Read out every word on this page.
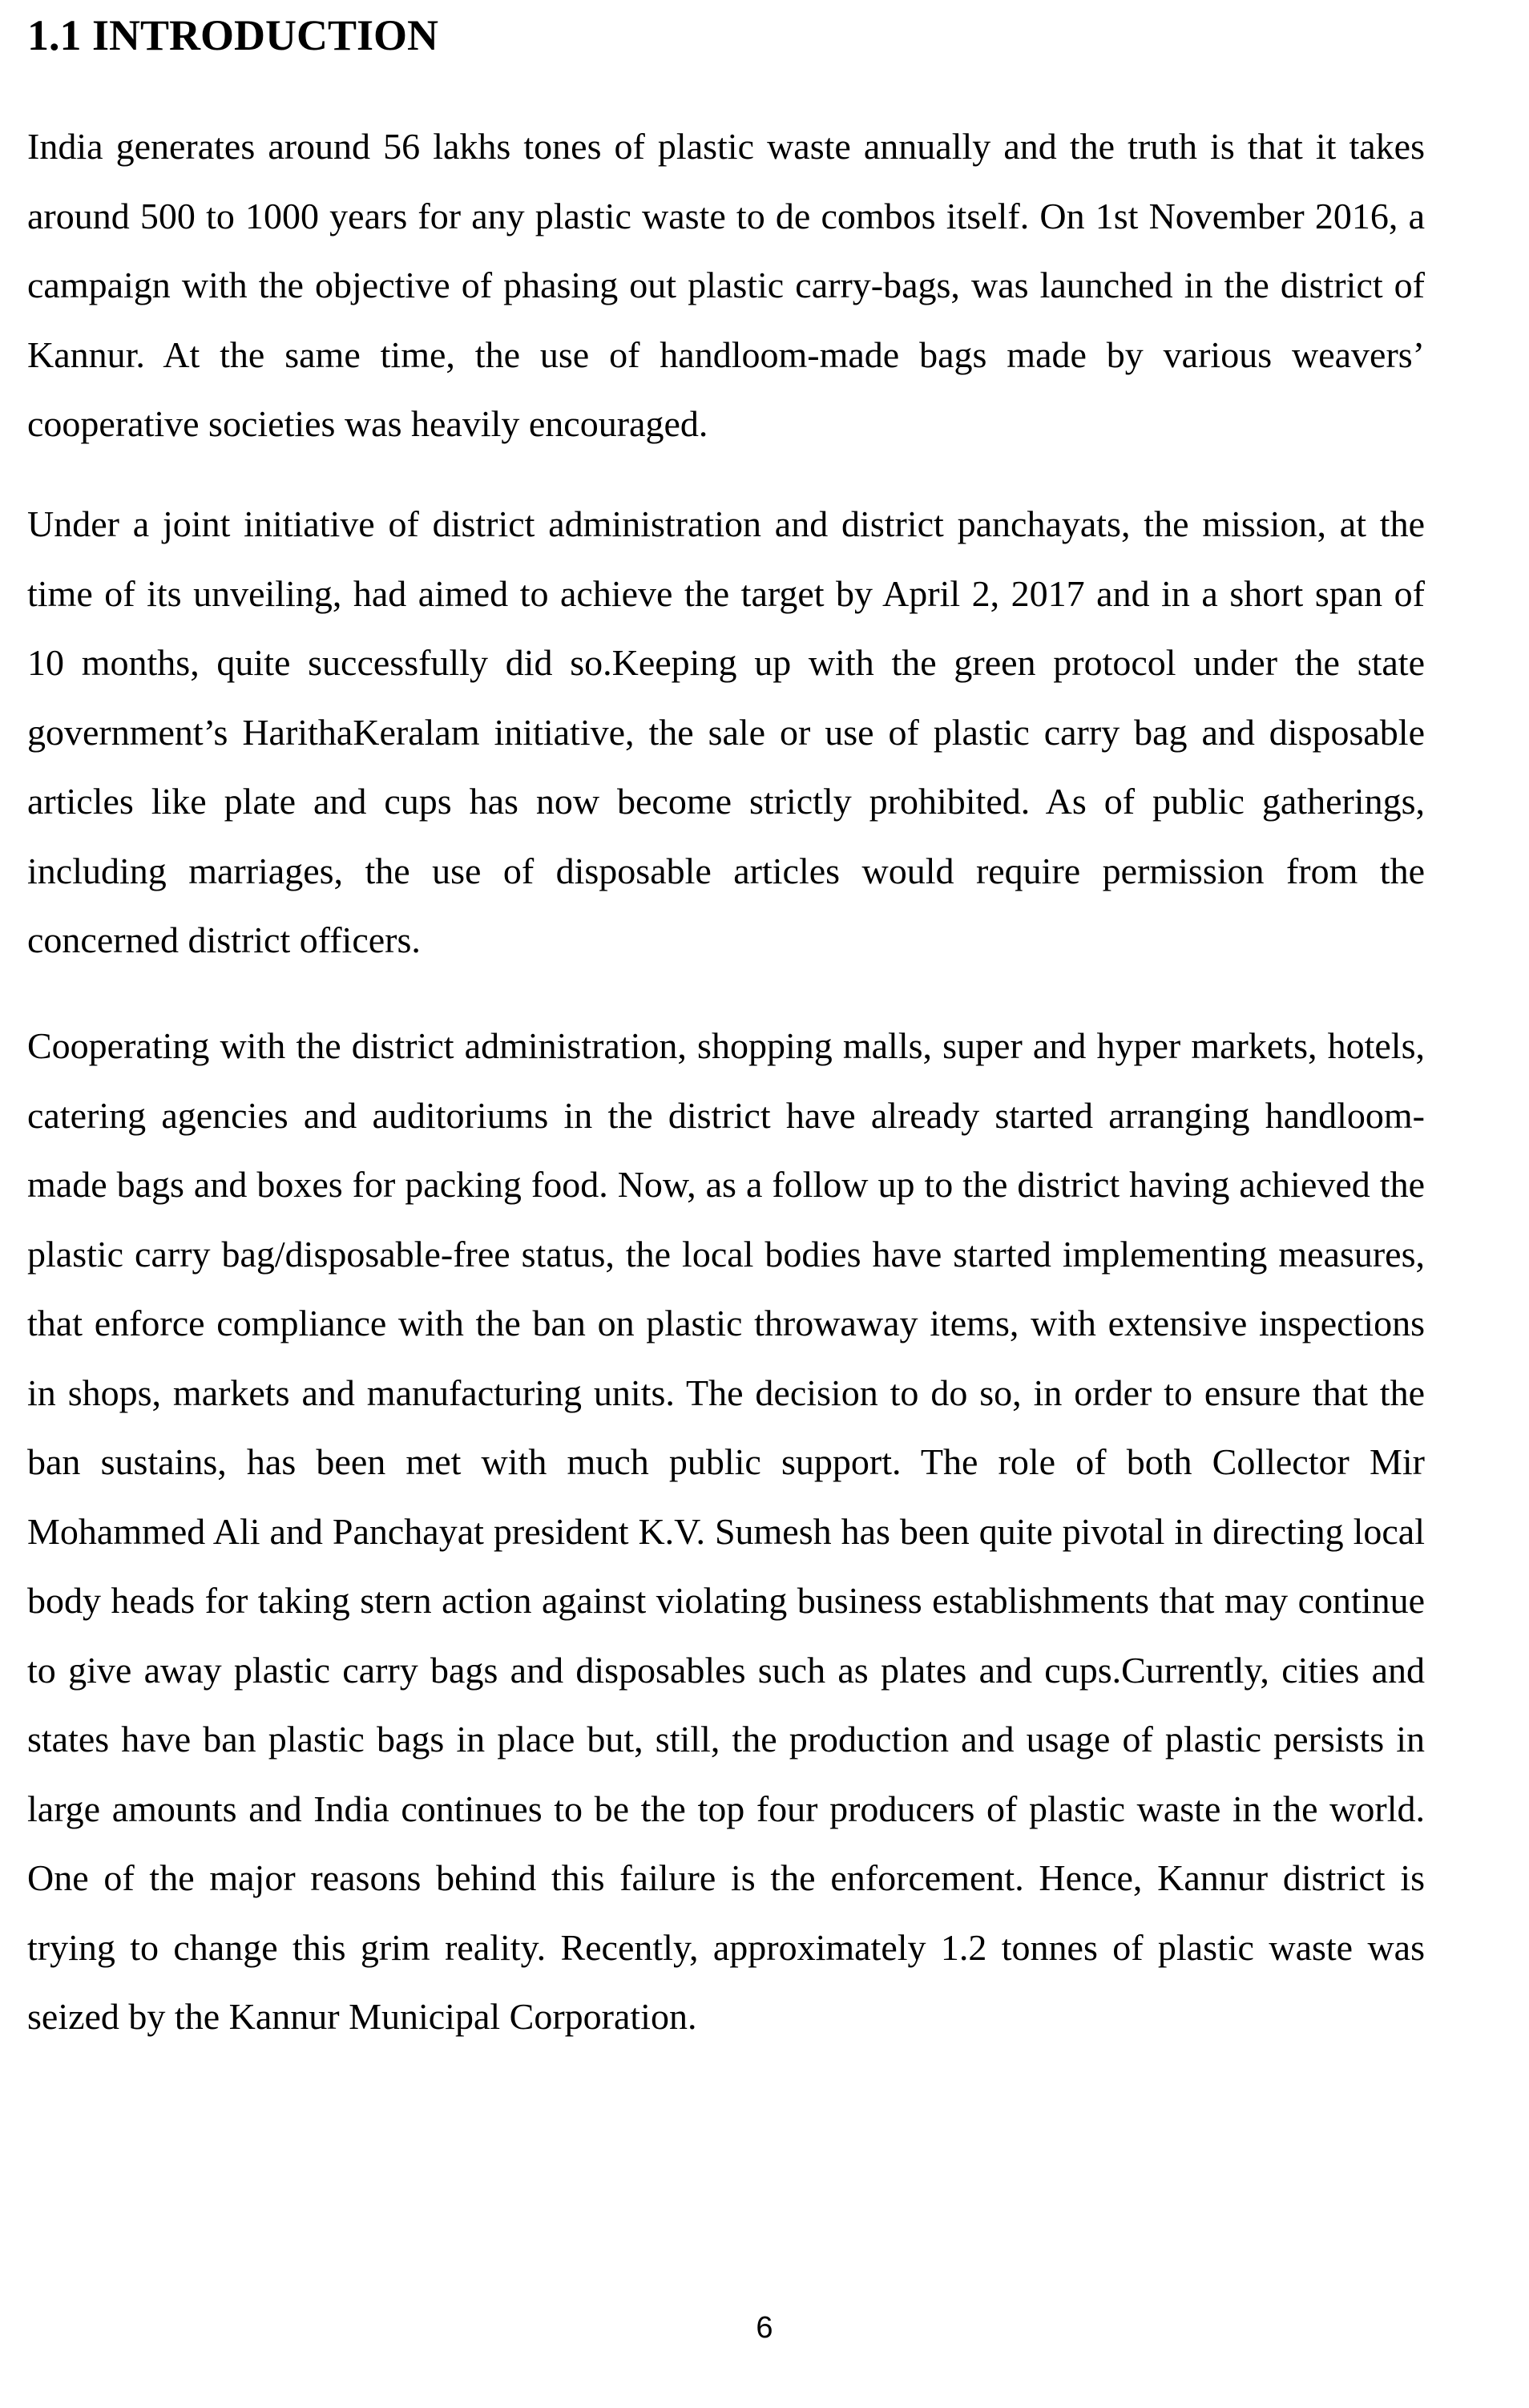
1.1 INTRODUCTION

India generates around 56 lakhs tones of plastic waste annually and the truth is that it takes around 500 to 1000 years for any plastic waste to de combos itself. On 1st November 2016, a campaign with the objective of phasing out plastic carry-bags, was launched in the district of Kannur. At the same time, the use of handloom-made bags made by various weavers’ cooperative societies was heavily encouraged.

Under a joint initiative of district administration and district panchayats, the mission, at the time of its unveiling, had aimed to achieve the target by April 2, 2017 and in a short span of 10 months, quite successfully did so.Keeping up with the green protocol under the state government’s HarithaKeralam initiative, the sale or use of plastic carry bag and disposable articles like plate and cups has now become strictly prohibited. As of public gatherings, including marriages, the use of disposable articles would require permission from the concerned district officers.

Cooperating with the district administration, shopping malls, super and hyper markets, hotels, catering agencies and auditoriums in the district have already started arranging handloom-made bags and boxes for packing food. Now, as a follow up to the district having achieved the plastic carry bag/disposable-free status, the local bodies have started implementing measures, that enforce compliance with the ban on plastic throwaway items, with extensive inspections in shops, markets and manufacturing units. The decision to do so, in order to ensure that the ban sustains, has been met with much public support. The role of both Collector Mir Mohammed Ali and Panchayat president K.V. Sumesh has been quite pivotal in directing local body heads for taking stern action against violating business establishments that may continue to give away plastic carry bags and disposables such as plates and cups.Currently, cities and states have ban plastic bags in place but, still, the production and usage of plastic persists in large amounts and India continues to be the top four producers of plastic waste in the world. One of the major reasons behind this failure is the enforcement. Hence, Kannur district is trying to change this grim reality. Recently, approximately 1.2 tonnes of plastic waste was seized by the Kannur Municipal Corporation.

6
